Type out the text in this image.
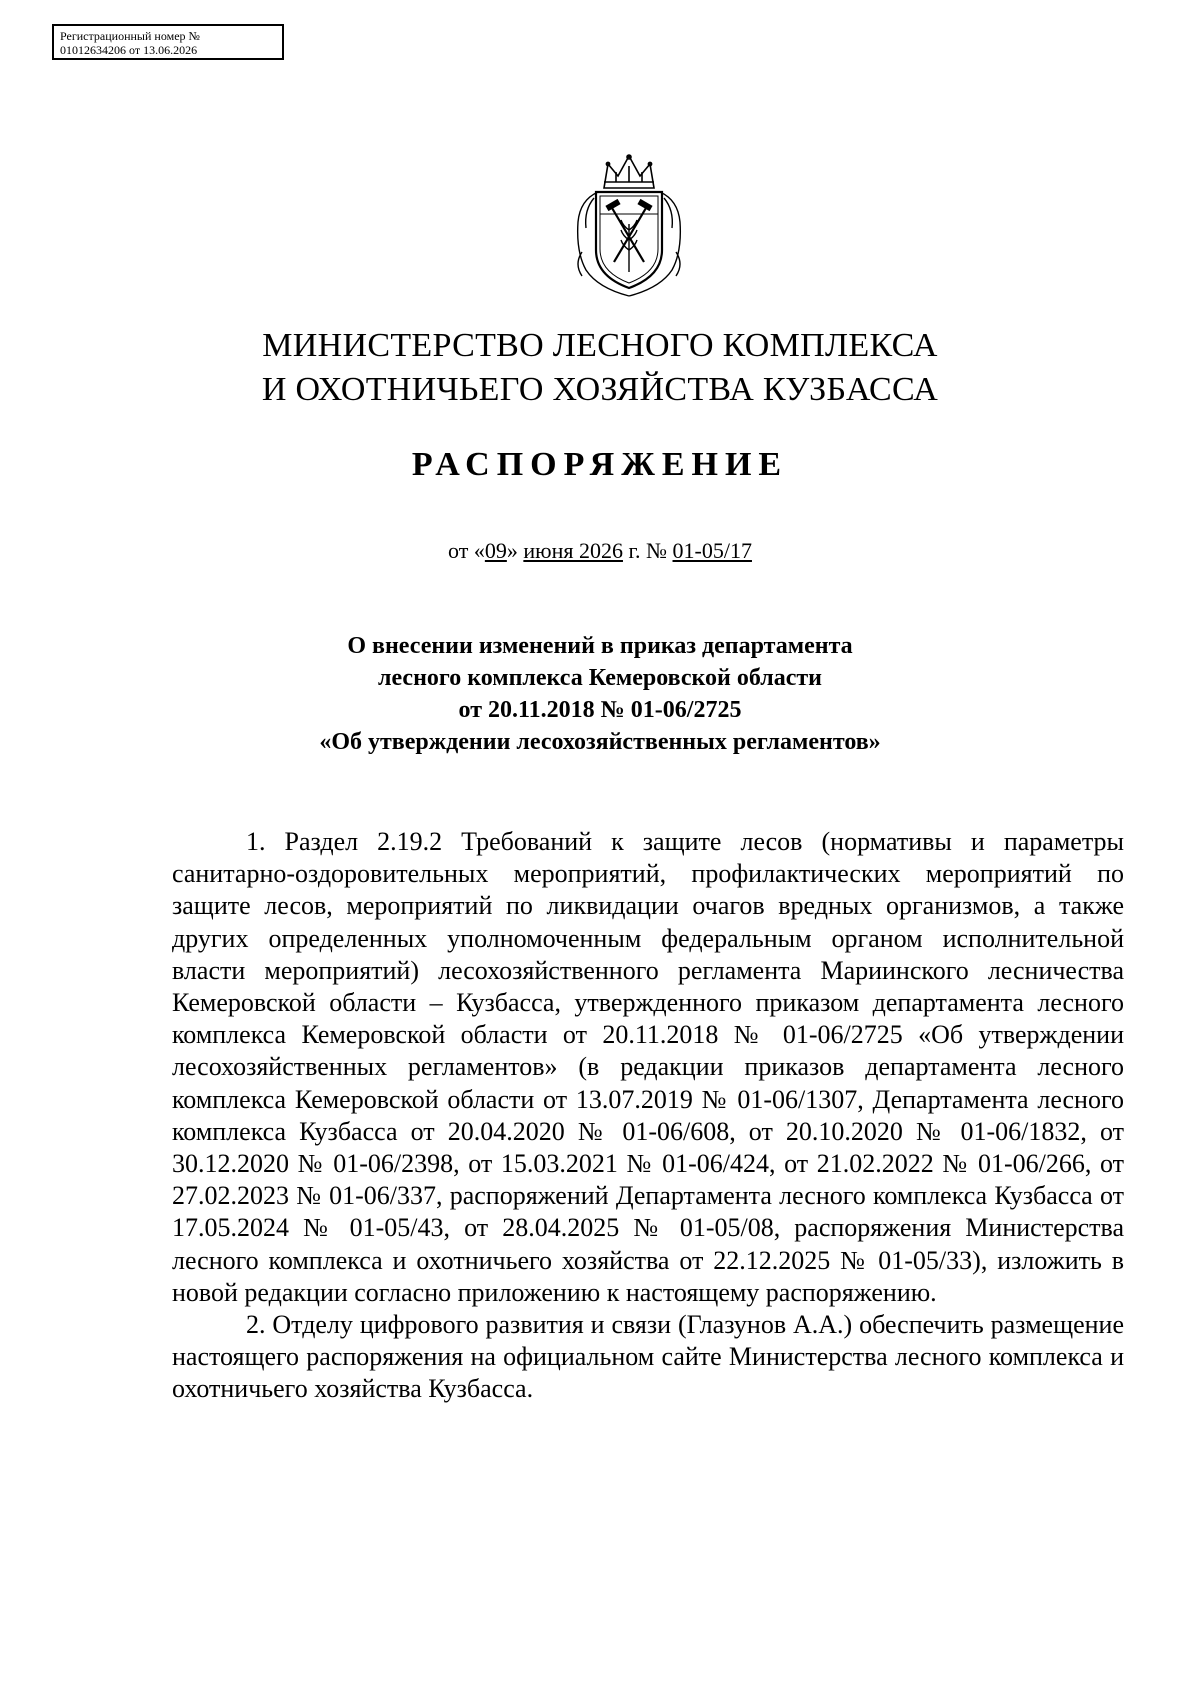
Регистрационный номер №
01012634206 от 13.06.2026
МИНИСТЕРСТВО ЛЕСНОГО КОМПЛЕКСА
И ОХОТНИЧЬЕГО ХОЗЯЙСТВА КУЗБАССА
РАСПОРЯЖЕНИЕ
от «09» июня 2026 г. № 01-05/17
О внесении изменений в приказ департамента
лесного комплекса Кемеровской области
от 20.11.2018 № 01-06/2725
«Об утверждении лесохозяйственных регламентов»

1. Раздел 2.19.2 Требований к защите лесов (нормативы и параметры санитарно-оздоровительных мероприятий, профилактических мероприятий по защите лесов, мероприятий по ликвидации очагов вредных организмов, а также других определенных уполномоченным федеральным органом исполнительной власти мероприятий) лесохозяйственного регламента Мариинского лесничества Кемеровской области – Кузбасса, утвержденного приказом департамента лесного комплекса Кемеровской области от 20.11.2018 № 01-06/2725 «Об утверждении лесохозяйственных регламентов» (в редакции приказов департамента лесного комплекса Кемеровской области от 13.07.2019 № 01-06/1307, Департамента лесного комплекса Кузбасса от 20.04.2020 № 01-06/608, от 20.10.2020 № 01-06/1832, от 30.12.2020 № 01-06/2398, от 15.03.2021 № 01-06/424, от 21.02.2022 № 01-06/266, от 27.02.2023 № 01-06/337, распоряжений Департамента лесного комплекса Кузбасса от 17.05.2024 № 01-05/43, от 28.04.2025 № 01-05/08, распоряжения Министерства лесного комплекса и охотничьего хозяйства от 22.12.2025 № 01-05/33), изложить в новой редакции согласно приложению к настоящему распоряжению.

2. Отделу цифрового развития и связи (Глазунов А.А.) обеспечить размещение настоящего распоряжения на официальном сайте Министерства лесного комплекса и охотничьего хозяйства Кузбасса.
